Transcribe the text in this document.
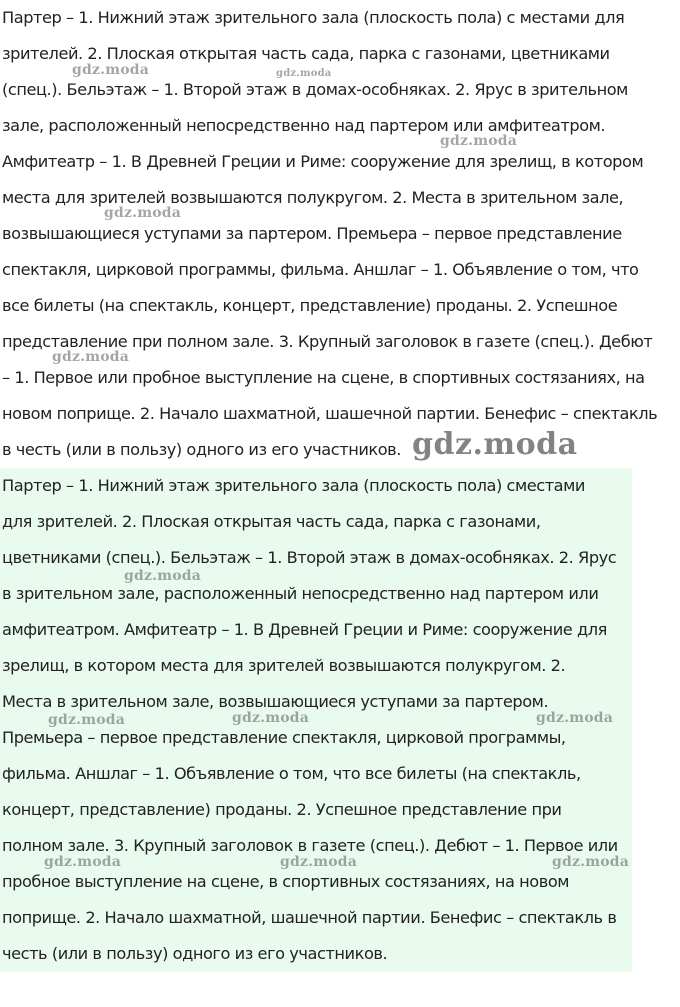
Партер – 1. Нижний этаж зрительного зала (плоскость пола) с местами для
зрителей. 2. Плоская открытая часть сада, парка с газонами, цветниками
(спец.). Бельэтаж – 1. Второй этаж в домах-особняках. 2. Ярус в зрительном
зале, расположенный непосредственно над партером или амфитеатром.
Амфитеатр – 1. В Древней Греции и Риме: сооружение для зрелищ, в котором
места для зрителей возвышаются полукругом. 2. Места в зрительном зале,
возвышающиеся уступами за партером. Премьера – первое представление
спектакля, цирковой программы, фильма. Аншлаг – 1. Объявление о том, что
все билеты (на спектакль, концерт, представление) проданы. 2. Успешное
представление при полном зале. 3. Крупный заголовок в газете (спец.). Дебют
– 1. Первое или пробное выступление на сцене, в спортивных состязаниях, на
новом поприще. 2. Начало шахматной, шашечной партии. Бенефис – спектакль
в честь (или в пользу) одного из его участников.

Партер – 1. Нижний этаж зрительного зала (плоскость пола) сместами
для зрителей. 2. Плоская открытая часть сада, парка с газонами,
цветниками (спец.). Бельэтаж – 1. Второй этаж в домах-особняках. 2. Ярус
в зрительном зале, расположенный непосредственно над партером или
амфитеатром. Амфитеатр – 1. В Древней Греции и Риме: сооружение для
зрелищ, в котором места для зрителей возвышаются полукругом. 2.
Места в зрительном зале, возвышающиеся уступами за партером.
Премьера – первое представление спектакля, цирковой программы,
фильма. Аншлаг – 1. Объявление о том, что все билеты (на спектакль,
концерт, представление) проданы. 2. Успешное представление при
полном зале. 3. Крупный заголовок в газете (спец.). Дебют – 1. Первое или
пробное выступление на сцене, в спортивных состязаниях, на новом
поприще. 2. Начало шахматной, шашечной партии. Бенефис – спектакль в
честь (или в пользу) одного из его участников.

gdz.moda	gdz.moda
gdz.moda
gdz.moda
gdz.moda
gdz.moda
gdz.moda
gdz.moda	gdz.moda	gdz.moda
gdz.moda	gdz.moda	gdz.moda
